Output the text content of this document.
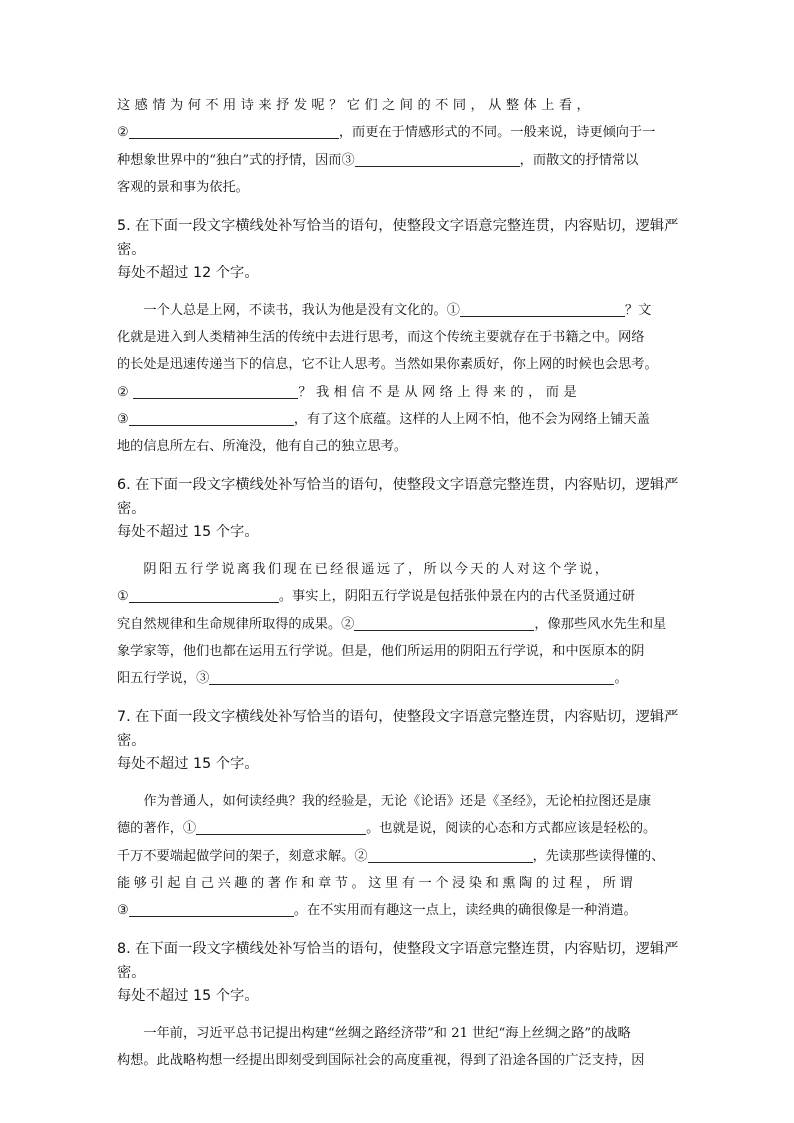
这感情为何不用诗来抒发呢？它们之间的不同，从整体上看，

②	，而更在于情感形式的不同。一般来说，诗更倾向于一

种想象世界中的“独白”式的抒情，因而③	，而散文的抒情常以

客观的景和事为依托。

5. 在下面一段文字横线处补写恰当的语句，使整段文字语意完整连贯，内容贴切，逻辑严密。

每处不超过 12 个字。

一个人总是上网，不读书，我认为他是没有文化的。①	？文

化就是进入到人类精神生活的传统中去进行思考，而这个传统主要就存在于书籍之中。网络

的长处是迅速传递当下的信息，它不让人思考。当然如果你素质好，你上网的时候也会思考。

②	？我相信不是从网络上得来的，而是

③	，有了这个底蕴。这样的人上网不怕，他不会为网络上铺天盖

地的信息所左右、所淹没，他有自己的独立思考。

6. 在下面一段文字横线处补写恰当的语句，使整段文字语意完整连贯，内容贴切，逻辑严密。

每处不超过 15 个字。

阴阳五行学说离我们现在已经很遥远了，所以今天的人对这个学说，

①	。事实上，阴阳五行学说是包括张仲景在内的古代圣贤通过研

究自然规律和生命规律所取得的成果。②	，像那些风水先生和星

象学家等，他们也都在运用五行学说。但是，他们所运用的阴阳五行学说，和中医原本的阴

阳五行学说，③	。

7. 在下面一段文字横线处补写恰当的语句，使整段文字语意完整连贯，内容贴切，逻辑严密。

每处不超过 15 个字。

作为普通人，如何读经典？我的经验是，无论《论语》还是《圣经》，无论柏拉图还是康

德的著作，①	。也就是说，阅读的心态和方式都应该是轻松的。

千万不要端起做学问的架子，刻意求解。②	，先读那些读得懂的、

能够引起自己兴趣的著作和章节。这里有一个浸染和熏陶的过程，所谓

③	。在不实用而有趣这一点上，读经典的确很像是一种消遣。

8. 在下面一段文字横线处补写恰当的语句，使整段文字语意完整连贯，内容贴切，逻辑严密。

每处不超过 15 个字。

一年前，习近平总书记提出构建“丝绸之路经济带”和 21 世纪“海上丝绸之路”的战略

构想。此战略构想一经提出即刻受到国际社会的高度重视，得到了沿途各国的广泛支持，因
